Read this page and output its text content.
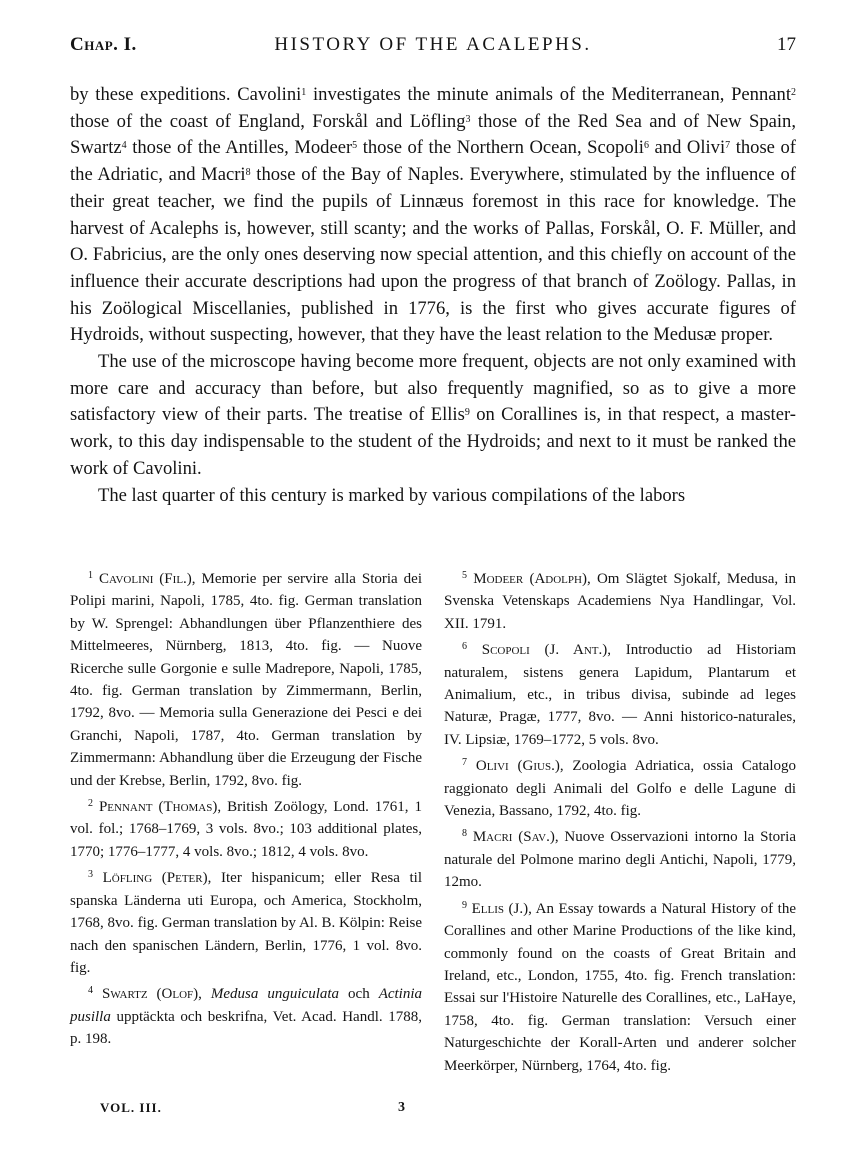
Chap. I.	HISTORY OF THE ACALEPHS.	17

by these expeditions. Cavolini$^1$ investigates the minute animals of the Mediterranean, Pennant$^2$ those of the coast of England, Forskål and Löfling$^3$ those of the Red Sea and of New Spain, Swartz$^4$ those of the Antilles, Modeer$^5$ those of the Northern Ocean, Scopoli$^6$ and Olivi$^7$ those of the Adriatic, and Macri$^8$ those of the Bay of Naples. Everywhere, stimulated by the influence of their great teacher, we find the pupils of Linnæus foremost in this race for knowledge. The harvest of Acalephs is, however, still scanty; and the works of Pallas, Forskål, O. F. Müller, and O. Fabricius, are the only ones deserving now special attention, and this chiefly on account of the influence their accurate descriptions had upon the progress of that branch of Zoölogy. Pallas, in his Zoölogical Miscellanies, published in 1776, is the first who gives accurate figures of Hydroids, without suspecting, however, that they have the least relation to the Medusæ proper.

The use of the microscope having become more frequent, objects are not only examined with more care and accuracy than before, but also frequently magnified, so as to give a more satisfactory view of their parts. The treatise of Ellis$^9$ on Corallines is, in that respect, a master-work, to this day indispensable to the student of the Hydroids; and next to it must be ranked the work of Cavolini.

The last quarter of this century is marked by various compilations of the labors

$^1$ Cavolini (Fil.), Memorie per servire alla Storia dei Polipi marini, Napoli, 1785, 4to. fig. German translation by W. Sprengel: Abhandlungen über Pflanzenthiere des Mittelmeeres, Nürnberg, 1813, 4to. fig. — Nuove Ricerche sulle Gorgonie e sulle Madrepore, Napoli, 1785, 4to. fig. German translation by Zimmermann, Berlin, 1792, 8vo. — Memoria sulla Generazione dei Pesci e dei Granchi, Napoli, 1787, 4to. German translation by Zimmermann: Abhandlung über die Erzeugung der Fische und der Krebse, Berlin, 1792, 8vo. fig.

$^2$ Pennant (Thomas), British Zoölogy, Lond. 1761, 1 vol. fol.; 1768–1769, 3 vols. 8vo.; 103 additional plates, 1770; 1776–1777, 4 vols. 8vo.; 1812, 4 vols. 8vo.

$^3$ Löfling (Peter), Iter hispanicum; eller Resa til spanska Länderna uti Europa, och America, Stockholm, 1768, 8vo. fig. German translation by Al. B. Kölpin: Reise nach den spanischen Ländern, Berlin, 1776, 1 vol. 8vo. fig.

$^4$ Swartz (Olof), Medusa unguiculata och Actinia pusilla upptäckta och beskrifna, Vet. Acad. Handl. 1788, p. 198.

$^5$ Modeer (Adolph), Om Slägtet Sjokalf, Medusa, in Svenska Vetenskaps Academiens Nya Handlingar, Vol. XII. 1791.

$^6$ Scopoli (J. Ant.), Introductio ad Historiam naturalem, sistens genera Lapidum, Plantarum et Animalium, etc., in tribus divisa, subinde ad leges Naturæ, Pragæ, 1777, 8vo. — Anni historico-naturales, IV. Lipsiæ, 1769–1772, 5 vols. 8vo.

$^7$ Olivi (Gius.), Zoologia Adriatica, ossia Catalogo raggionato degli Animali del Golfo e delle Lagune di Venezia, Bassano, 1792, 4to. fig.

$^8$ Macri (Sav.), Nuove Osservazioni intorno la Storia naturale del Polmone marino degli Antichi, Napoli, 1779, 12mo.

$^9$ Ellis (J.), An Essay towards a Natural History of the Corallines and other Marine Productions of the like kind, commonly found on the coasts of Great Britain and Ireland, etc., London, 1755, 4to. fig. French translation: Essai sur l'Histoire Naturelle des Corallines, etc., LaHaye, 1758, 4to. fig. German translation: Versuch einer Naturgeschichte der Korall-Arten und anderer solcher Meerkörper, Nürnberg, 1764, 4to. fig.

VOL. III.	3
